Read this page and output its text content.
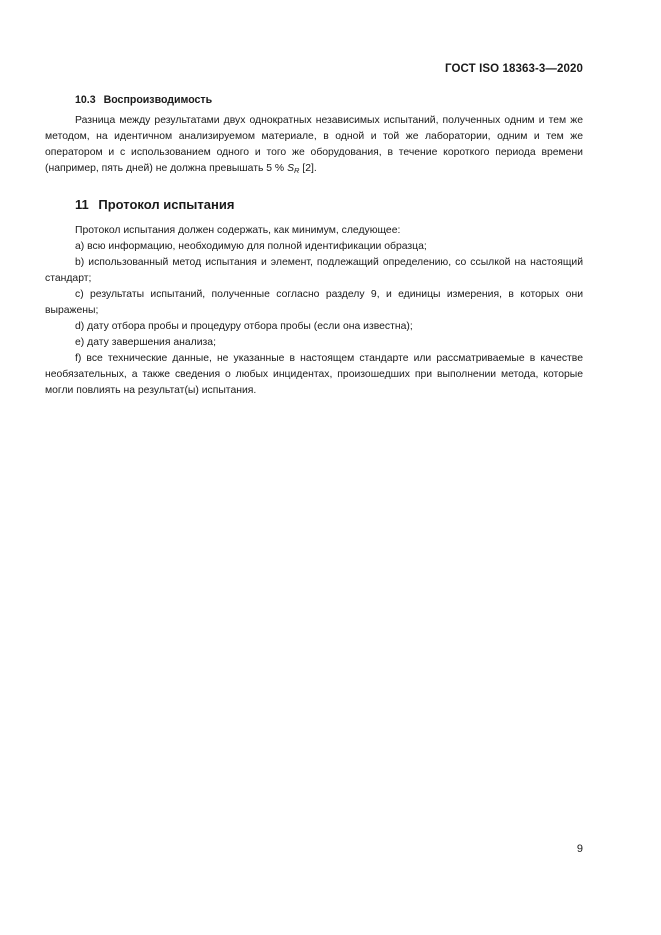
ГОСТ ISO 18363-3—2020
10.3 Воспроизводимость

Разница между результатами двух однократных независимых испытаний, полученных одним и тем же методом, на идентичном анализируемом материале, в одной и той же лаборатории, одним и тем же оператором и с использованием одного и того же оборудования, в течение короткого периода времени (например, пять дней) не должна превышать 5 % SR [2].

11 Протокол испытания

Протокол испытания должен содержать, как минимум, следующее:

a) всю информацию, необходимую для полной идентификации образца;

b) использованный метод испытания и элемент, подлежащий определению, со ссылкой на настоящий стандарт;

c) результаты испытаний, полученные согласно разделу 9, и единицы измерения, в которых они выражены;

d) дату отбора пробы и процедуру отбора пробы (если она известна);

e) дату завершения анализа;

f) все технические данные, не указанные в настоящем стандарте или рассматриваемые в качестве необязательных, а также сведения о любых инцидентах, произошедших при выполнении метода, которые могли повлиять на результат(ы) испытания.

9
